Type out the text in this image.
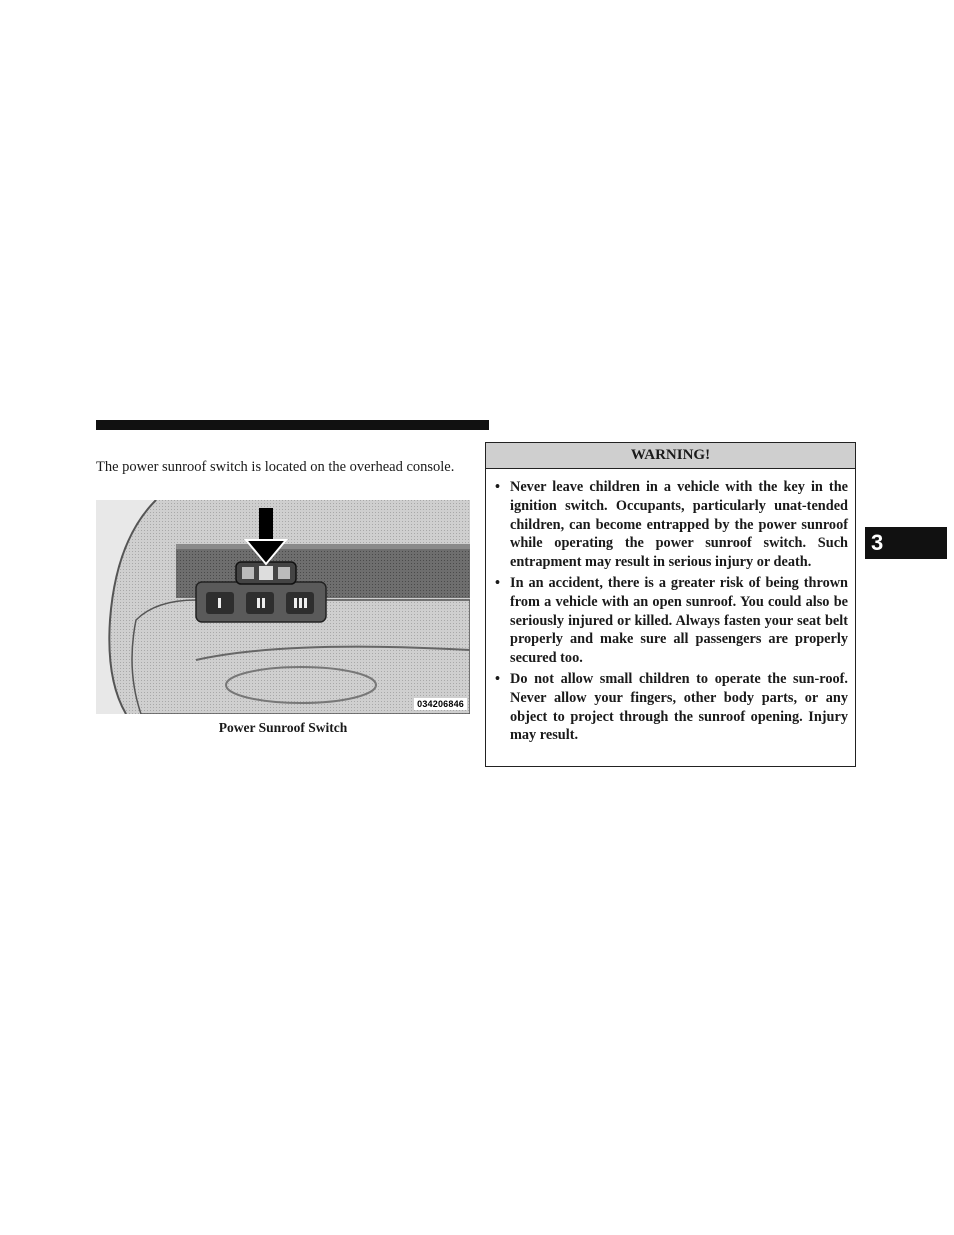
The power sunroof switch is located on the overhead console.

034206846
Power Sunroof Switch
WARNING!
• Never leave children in a vehicle with the key in the ignition switch. Occupants, particularly unat-tended children, can become entrapped by the power sunroof while operating the power sunroof switch. Such entrapment may result in serious injury or death.
• In an accident, there is a greater risk of being thrown from a vehicle with an open sunroof. You could also be seriously injured or killed. Always fasten your seat belt properly and make sure all passengers are properly secured too.
• Do not allow small children to operate the sun-roof. Never allow your fingers, other body parts, or any object to project through the sunroof opening. Injury may result.
3
